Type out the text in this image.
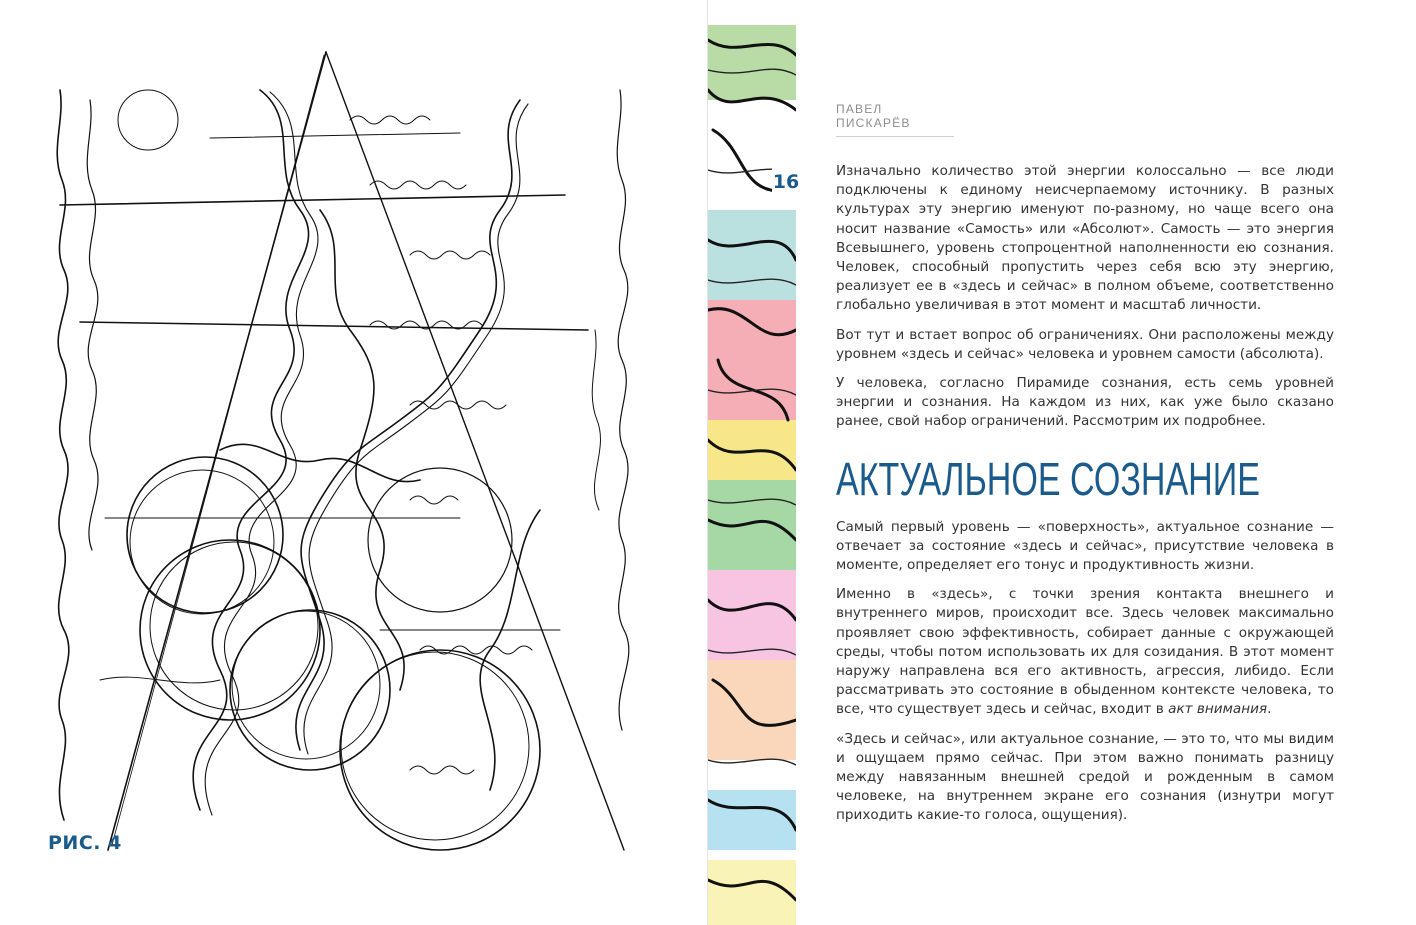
РИС. 4
16
ПАВЕЛ ПИСКАРЁВ

Изначально количество этой энергии колоссально — все люди подключены к единому неисчерпаемому источнику. В разных культурах эту энергию именуют по-разному, но чаще всего она носит название «Самость» или «Абсолют». Самость — это энергия Всевышнего, уровень стопроцентной наполненности ею сознания. Человек, способный пропустить через себя всю эту энергию, реализует ее в «здесь и сейчас» в полном объеме, соответственно глобально увеличивая в этот момент и масштаб личности.

Вот тут и встает вопрос об ограничениях. Они расположены между уровнем «здесь и сейчас» человека и уровнем самости (абсолюта).

У человека, согласно Пирамиде сознания, есть семь уровней энергии и сознания. На каждом из них, как уже было сказано ранее, свой набор ограничений. Рассмотрим их подробнее.

АКТУАЛЬНОЕ СОЗНАНИЕ

Самый первый уровень — «поверхность», актуальное сознание — отвечает за состояние «здесь и сейчас», присутствие человека в моменте, определяет его тонус и продуктивность жизни.

Именно в «здесь», с точки зрения контакта внешнего и внутреннего миров, происходит все. Здесь человек максимально проявляет свою эффективность, собирает данные с окружающей среды, чтобы потом использовать их для созидания. В этот момент наружу направлена вся его активность, агрессия, либидо. Если рассматривать это состояние в обыденном контексте человека, то все, что существует здесь и сейчас, входит в акт внимания.

«Здесь и сейчас», или актуальное сознание, — это то, что мы видим и ощущаем прямо сейчас. При этом важно понимать разницу между навязанным внешней средой и рожденным в самом человеке, на внутреннем экране его сознания (изнутри могут приходить какие-то голоса, ощущения).
